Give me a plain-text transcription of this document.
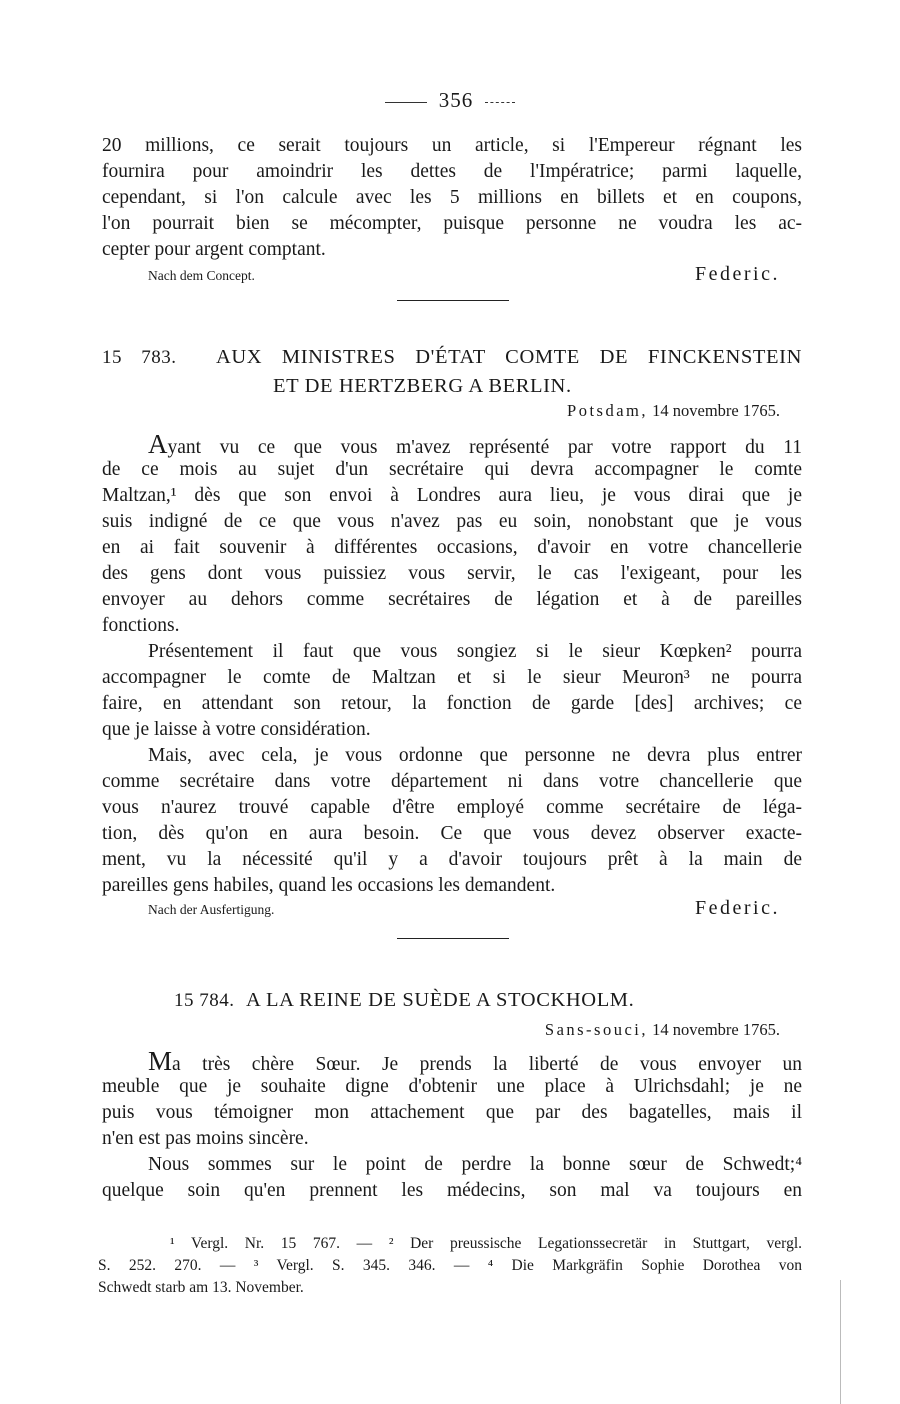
356
20 millions, ce serait toujours un article, si l'Empereur régnant les
fournira pour amoindrir les dettes de l'Impératrice; parmi laquelle,
cependant, si l'on calcule avec les 5 millions en billets et en coupons,
l'on pourrait bien se mécompter, puisque personne ne voudra les ac-
cepter pour argent comptant.
Nach dem Concept.	Federic.
15 783. AUX MINISTRES D'ÉTAT COMTE DE FINCKENSTEIN
ET DE HERTZBERG A BERLIN.
Potsdam, 14 novembre 1765.
Ayant vu ce que vous m'avez représenté par votre rapport du 11
de ce mois au sujet d'un secrétaire qui devra accompagner le comte
Maltzan,¹ dès que son envoi à Londres aura lieu, je vous dirai que je
suis indigné de ce que vous n'avez pas eu soin, nonobstant que je vous
en ai fait souvenir à différentes occasions, d'avoir en votre chancellerie
des gens dont vous puissiez vous servir, le cas l'exigeant, pour les
envoyer au dehors comme secrétaires de légation et à de pareilles
fonctions.
Présentement il faut que vous songiez si le sieur Kœpken² pourra
accompagner le comte de Maltzan et si le sieur Meuron³ ne pourra
faire, en attendant son retour, la fonction de garde [des] archives; ce
que je laisse à votre considération.
Mais, avec cela, je vous ordonne que personne ne devra plus entrer
comme secrétaire dans votre département ni dans votre chancellerie que
vous n'aurez trouvé capable d'être employé comme secrétaire de léga-
tion, dès qu'on en aura besoin. Ce que vous devez observer exacte-
ment, vu la nécessité qu'il y a d'avoir toujours prêt à la main de
pareilles gens habiles, quand les occasions les demandent.
Nach der Ausfertigung.	Federic.
15 784. A LA REINE DE SUÈDE A STOCKHOLM.
Sans-souci, 14 novembre 1765.
Ma très chère Sœur. Je prends la liberté de vous envoyer un
meuble que je souhaite digne d'obtenir une place à Ulrichsdahl; je ne
puis vous témoigner mon attachement que par des bagatelles, mais il
n'en est pas moins sincère.
Nous sommes sur le point de perdre la bonne sœur de Schwedt;⁴
quelque soin qu'en prennent les médecins, son mal va toujours en
¹ Vergl. Nr. 15 767. — ² Der preussische Legationssecretär in Stuttgart, vergl.
S. 252. 270. — ³ Vergl. S. 345. 346. — ⁴ Die Markgräfin Sophie Dorothea von
Schwedt starb am 13. November.
